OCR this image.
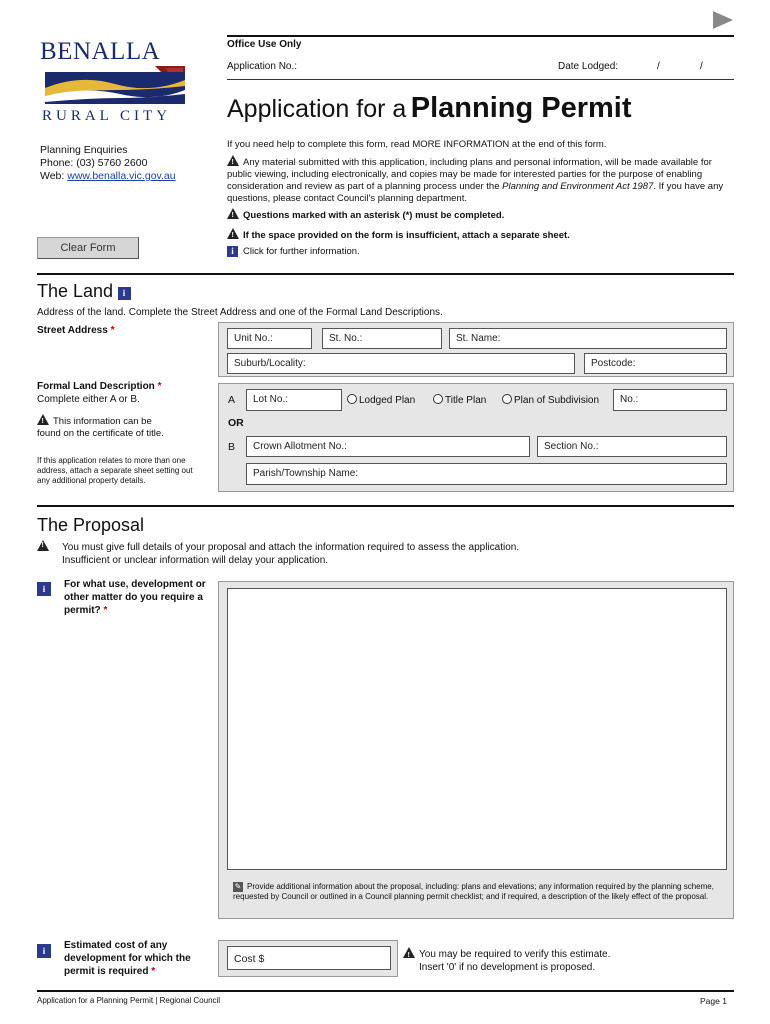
Office Use Only
Application No.:	Date Lodged:	/	/
BENALLA
RURAL CITY
Planning Enquiries
Phone: (03) 5760 2600
Web: www.benalla.vic.gov.au
Application for a Planning Permit
If you need help to complete this form, read MORE INFORMATION at the end of this form.
!Any material submitted with this application, including plans and personal information, will be made available for public viewing, including electronically, and copies may be made for interested parties for the purpose of enabling consideration and review as part of a planning process under the Planning and Environment Act 1987. If you have any questions, please contact Council's planning department.
!Questions marked with an asterisk (*) must be completed.
!If the space provided on the form is insufficient, attach a separate sheet.
i Click for further information.
Clear Form
The Land i
Address of the land. Complete the Street Address and one of the Formal Land Descriptions.
Street Address *
Unit No.:	St. No.:	St. Name:
Suburb/Locality:	Postcode:
Formal Land Description *
Complete either A or B.
!This information can be found on the certificate of title.
If this application relates to more than one address, attach a separate sheet setting out any additional property details.
A	Lot No.:	Lodged Plan	Title Plan	Plan of Subdivision	No.:
OR
B	Crown Allotment No.:	Section No.:
Parish/Township Name:
The Proposal
!
You must give full details of your proposal and attach the information required to assess the application.
Insufficient or unclear information will delay your application.
i	For what use, development or other matter do you require a permit? *
✎ Provide additional information about the proposal, including: plans and elevations; any information required by the planning scheme, requested by Council or outlined in a Council planning permit checklist; and if required, a description of the likely effect of the proposal.
i	Estimated cost of any development for which the permit is required *
Cost $
!	You may be required to verify this estimate.
Insert '0' if no development is proposed.
Application for a Planning Permit | Regional Council	Page 1
